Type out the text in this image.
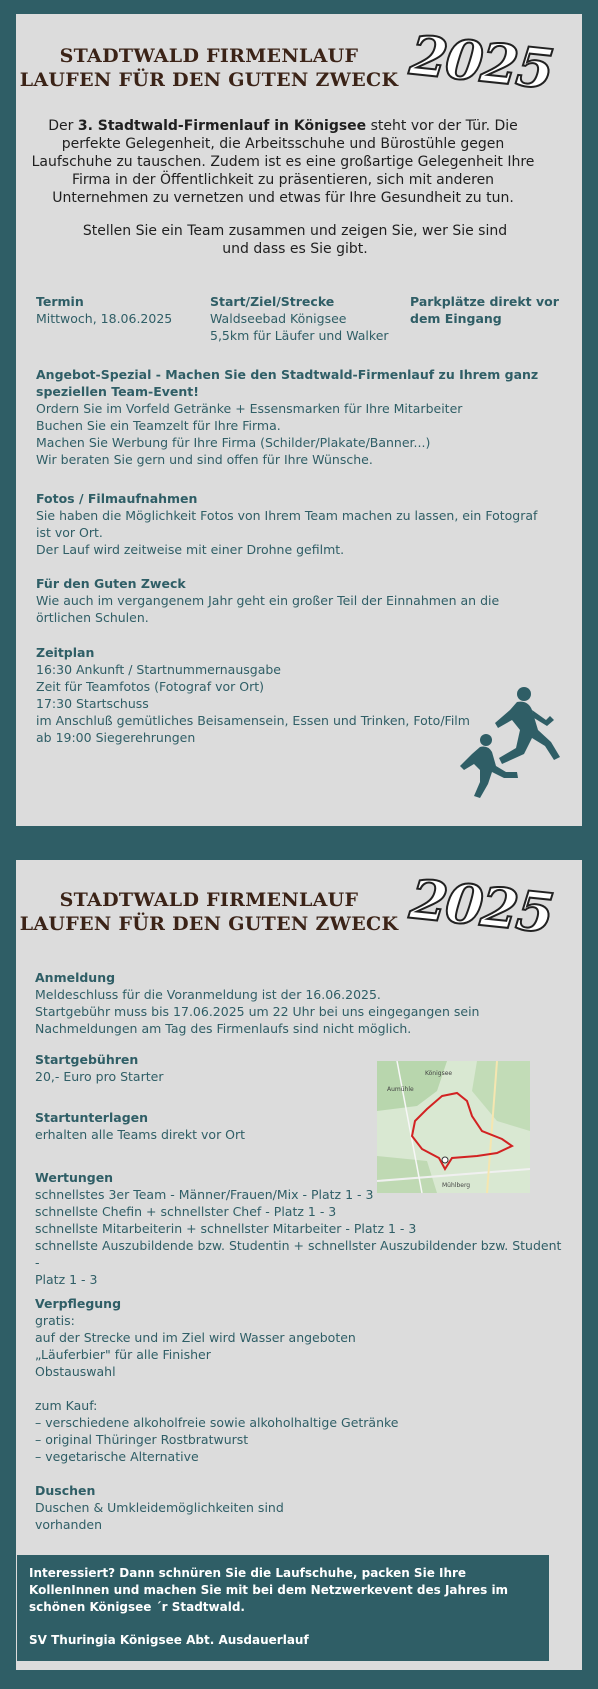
STADTWALD FIRMENLAUF
LAUFEN FÜR DEN GUTEN ZWECK 2025
Der 3. Stadtwald-Firmenlauf in Königsee steht vor der Tür. Die perfekte Gelegenheit, die Arbeitsschuhe und Bürostühle gegen Laufschuhe zu tauschen. Zudem ist es eine großartige Gelegenheit Ihre Firma in der Öffentlichkeit zu präsentieren, sich mit anderen Unternehmen zu vernetzen und etwas für Ihre Gesundheit zu tun.
Stellen Sie ein Team zusammen und zeigen Sie, wer Sie sind und dass es Sie gibt.
Termin
Mittwoch, 18.06.2025
Start/Ziel/Strecke
Waldseebad Königsee
5,5km für Läufer und Walker
Parkplätze direkt vor
dem Eingang
Angebot-Spezial - Machen Sie den Stadtwald-Firmenlauf zu Ihrem ganz
speziellen Team-Event!
Ordern Sie im Vorfeld Getränke + Essensmarken für Ihre Mitarbeiter
Buchen Sie ein Teamzelt für Ihre Firma.
Machen Sie Werbung für Ihre Firma (Schilder/Plakate/Banner...)
Wir beraten Sie gern und sind offen für Ihre Wünsche.
Fotos / Filmaufnahmen
Sie haben die Möglichkeit Fotos von Ihrem Team machen zu lassen, ein Fotograf
ist vor Ort.
Der Lauf wird zeitweise mit einer Drohne gefilmt.
Für den Guten Zweck
Wie auch im vergangenem Jahr geht ein großer Teil der Einnahmen an die
örtlichen Schulen.
Zeitplan
16:30 Ankunft / Startnummernausgabe
Zeit für Teamfotos (Fotograf vor Ort)
17:30 Startschuss
im Anschluß gemütliches Beisamensein, Essen und Trinken, Foto/Film
ab 19:00 Siegerehrungen
STADTWALD FIRMENLAUF
LAUFEN FÜR DEN GUTEN ZWECK 2025
Anmeldung
Meldeschluss für die Voranmeldung ist der 16.06.2025.
Startgebühr muss bis 17.06.2025 um 22 Uhr bei uns eingegangen sein
Nachmeldungen am Tag des Firmenlaufs sind nicht möglich.
Startgebühren
20,- Euro pro Starter
Startunterlagen
erhalten alle Teams direkt vor Ort
Königsee
Aumühle
Mühlberg
Wertungen
schnellstes 3er Team - Männer/Frauen/Mix - Platz 1 - 3
schnellste Chefin + schnellster Chef - Platz 1 - 3
schnellste Mitarbeiterin + schnellster Mitarbeiter - Platz 1 - 3
schnellste Auszubildende bzw. Studentin + schnellster Auszubildender bzw. Student -
Platz 1 - 3
Verpflegung
gratis:
auf der Strecke und im Ziel wird Wasser angeboten
„Läuferbier" für alle Finisher
Obstauswahl
zum Kauf:
– verschiedene alkoholfreie sowie alkoholhaltige Getränke
– original Thüringer Rostbratwurst
– vegetarische Alternative
Duschen
Duschen & Umkleidemöglichkeiten sind
vorhanden
Interessiert? Dann schnüren Sie die Laufschuhe, packen Sie Ihre KollenInnen und machen Sie mit bei dem Netzwerkevent des Jahres im schönen Königsee ´r Stadtwald.
SV Thuringia Königsee Abt. Ausdauerlauf
